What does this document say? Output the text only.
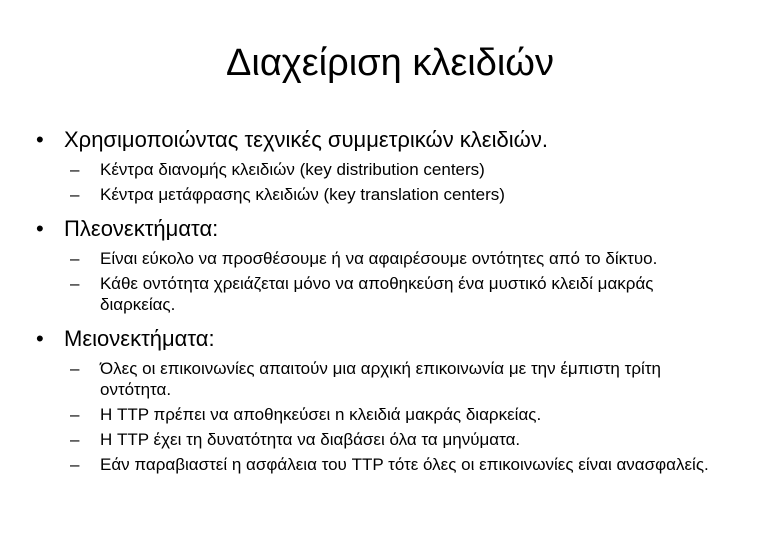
Διαχείριση κλειδιών
• Χρησιμοποιώντας τεχνικές συμμετρικών κλειδιών.
– Κέντρα διανομής κλειδιών (key distribution centers)
– Κέντρα μετάφρασης κλειδιών (key translation centers)
• Πλεονεκτήματα:
– Είναι εύκολο να προσθέσουμε ή να αφαιρέσουμε οντότητες από το δίκτυο.
– Κάθε οντότητα χρειάζεται μόνο να αποθηκεύση ένα μυστικό κλειδί μακράς διαρκείας.
• Μειονεκτήματα:
– Όλες οι επικοινωνίες απαιτούν μια αρχική επικοινωνία με την έμπιστη τρίτη οντότητα.
– Η TTP πρέπει να αποθηκεύσει n κλειδιά μακράς διαρκείας.
– Η TTP έχει τη δυνατότητα να διαβάσει όλα τα μηνύματα.
– Εάν παραβιαστεί η ασφάλεια του TTP τότε όλες οι επικοινωνίες είναι ανασφαλείς.
